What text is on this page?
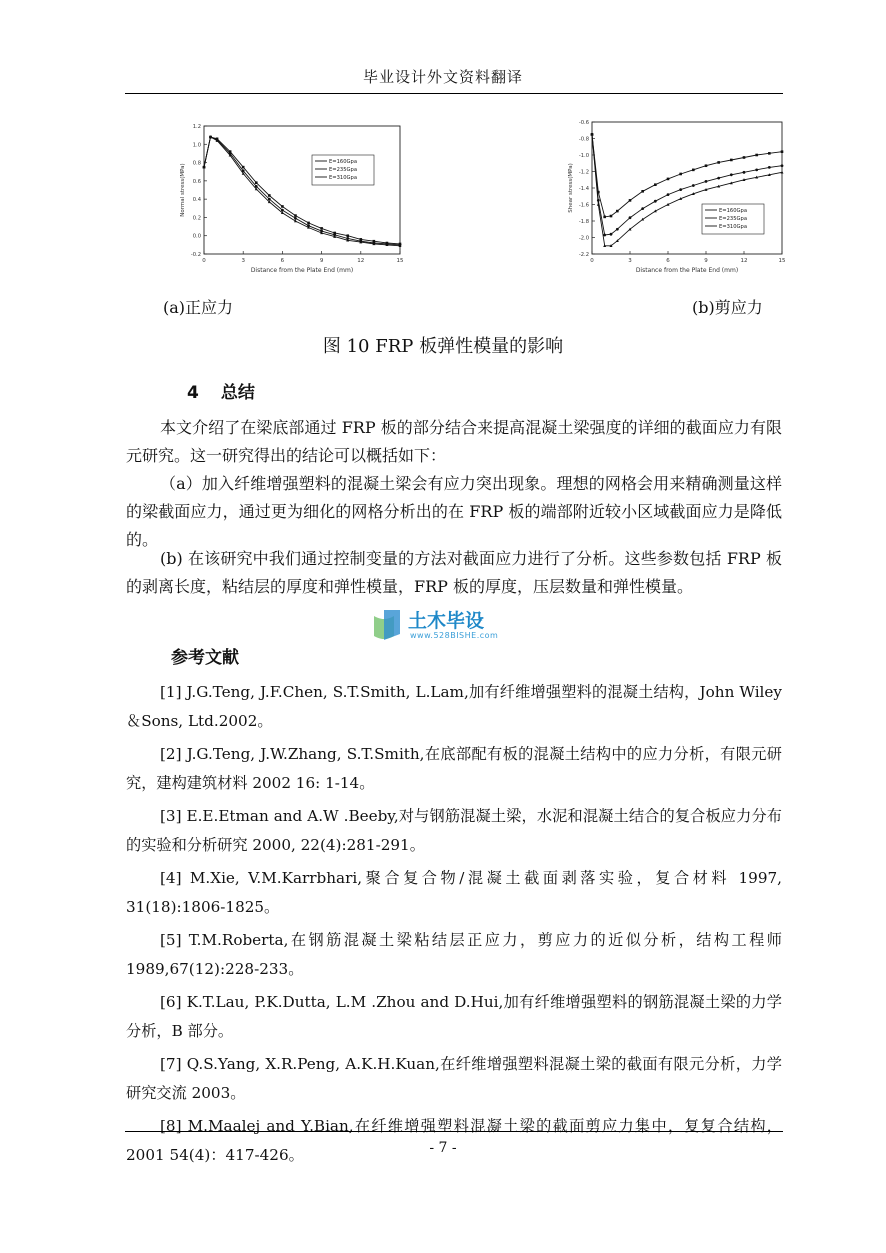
毕业设计外文资料翻译
0	3	6	9	12	15
1.2
1.0
0.8
0.6
0.4
0.2
0.0
-0.2
Distance from the Plate End (mm)
Normal stress(MPa)
E=160Gpa
E=235Gpa
E=310Gpa
0	3	6	9	12	15
-0.6
-0.8
-1.0
-1.2
-1.4
-1.6
-1.8
-2.0
-2.2
Distance from the Plate End (mm)
Shear stress(MPa)	E=160Gpa
E=235Gpa
E=310Gpa
(a)正应力	(b)剪应力
图 10 FRP 板弹性模量的影响
4 总结
本文介绍了在梁底部通过 FRP 板的部分结合来提高混凝土梁强度的详细的截面应力有限元研究。这一研究得出的结论可以概括如下：
（a）加入纤维增强塑料的混凝土梁会有应力突出现象。理想的网格会用来精确测量这样的梁截面应力，通过更为细化的网格分析出的在 FRP 板的端部附近较小区域截面应力是降低的。
(b) 在该研究中我们通过控制变量的方法对截面应力进行了分析。这些参数包括 FRP 板的剥离长度，粘结层的厚度和弹性模量，FRP 板的厚度，压层数量和弹性模量。
土木毕设
www.528BISHE.com
参考文献

[1] J.G.Teng, J.F.Chen, S.T.Smith, L.Lam,加有纤维增强塑料的混凝土结构，John Wiley＆Sons, Ltd.2002。

[2] J.G.Teng, J.W.Zhang, S.T.Smith,在底部配有板的混凝土结构中的应力分析，有限元研究，建构建筑材料 2002 16: 1-14。

[3] E.E.Etman and A.W .Beeby,对与钢筋混凝土梁，水泥和混凝土结合的复合板应力分布的实验和分析研究 2000, 22(4):281-291。

[4] M.Xie, V.M.Karrbhari,聚合复合物/混凝土截面剥落实验，复合材料 1997, 31(18):1806-1825。

[5] T.M.Roberta,在钢筋混凝土梁粘结层正应力，剪应力的近似分析，结构工程师 1989,67(12):228-233。

[6] K.T.Lau, P.K.Dutta, L.M .Zhou and D.Hui,加有纤维增强塑料的钢筋混凝土梁的力学分析，B 部分。

[7] Q.S.Yang, X.R.Peng, A.K.H.Kuan,在纤维增强塑料混凝土梁的截面有限元分析，力学研究交流 2003。

[8] M.Maalej and Y.Bian,在纤维增强塑料混凝土梁的截面剪应力集中，复复合结构，2001 54(4)：417-426。	- 7 -
